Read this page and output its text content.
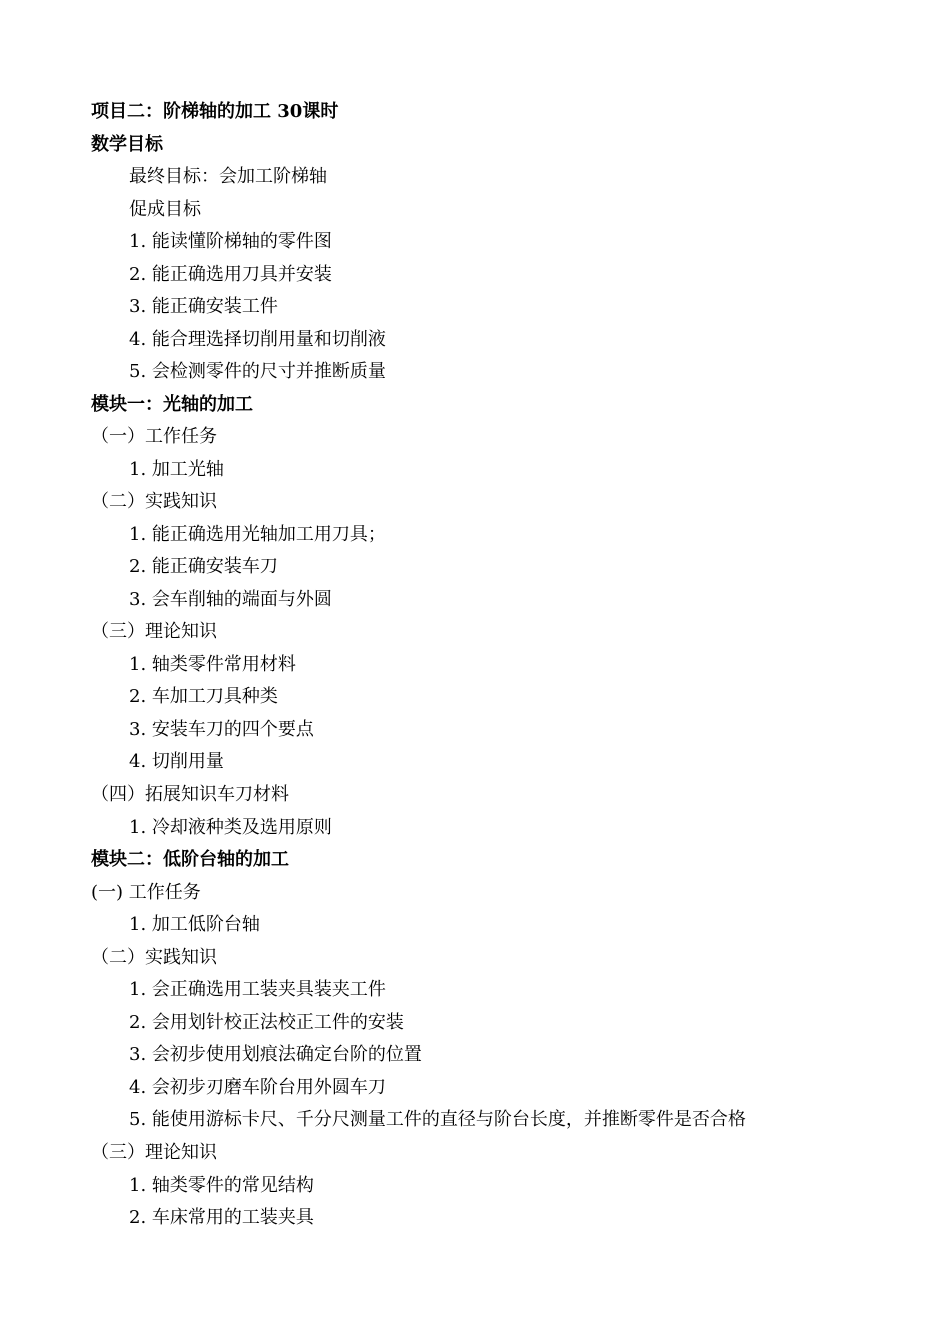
项目二：阶梯轴的加工 30课时
数学目标
最终目标：会加工阶梯轴
促成目标
1. 能读懂阶梯轴的零件图
2. 能正确选用刀具并安装
3. 能正确安装工件
4. 能合理选择切削用量和切削液
5. 会检测零件的尺寸并推断质量
模块一：光轴的加工
（一）工作任务
1. 加工光轴
（二）实践知识
1. 能正确选用光轴加工用刀具；
2. 能正确安装车刀
3. 会车削轴的端面与外圆
（三）理论知识
1. 轴类零件常用材料
2. 车加工刀具种类
3. 安装车刀的四个要点
4. 切削用量
（四）拓展知识车刀材料
1. 冷却液种类及选用原则
模块二：低阶台轴的加工
(一) 工作任务
1. 加工低阶台轴
（二）实践知识
1. 会正确选用工装夹具装夹工件
2. 会用划针校正法校正工件的安装
3. 会初步使用划痕法确定台阶的位置
4. 会初步刃磨车阶台用外圆车刀
5. 能使用游标卡尺、千分尺测量工件的直径与阶台长度，并推断零件是否合格
（三）理论知识
1. 轴类零件的常见结构
2. 车床常用的工装夹具
